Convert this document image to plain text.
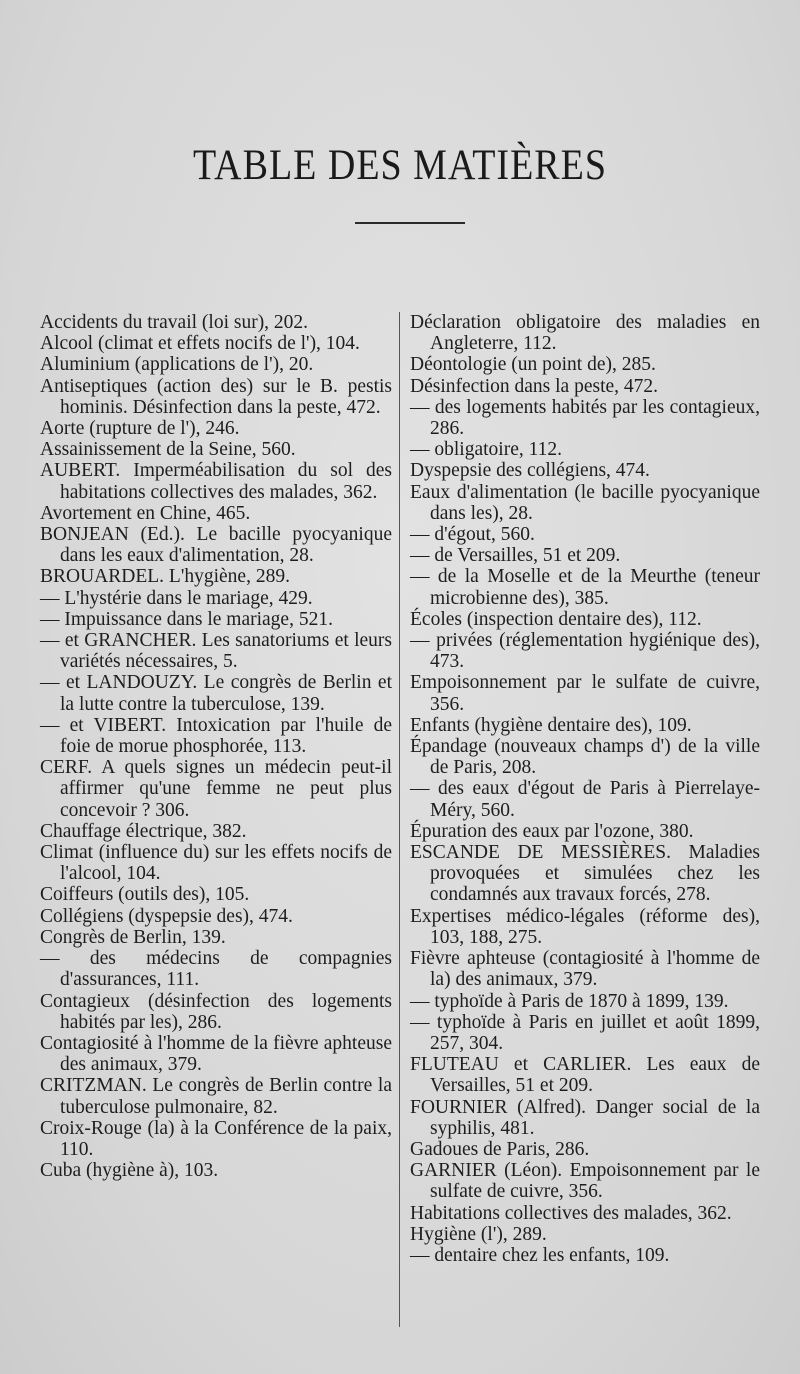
TABLE DES MATIÈRES
Accidents du travail (loi sur), 202.
Alcool (climat et effets nocifs de l'), 104.
Aluminium (applications de l'), 20.
Antiseptiques (action des) sur le B. pestis hominis. Désinfection dans la peste, 472.
Aorte (rupture de l'), 246.
Assainissement de la Seine, 560.
AUBERT. Imperméabilisation du sol des habitations collectives des malades, 362.
Avortement en Chine, 465.
BONJEAN (Ed.). Le bacille pyocyanique dans les eaux d'alimentation, 28.
BROUARDEL. L'hygiène, 289.
— L'hystérie dans le mariage, 429.
— Impuissance dans le mariage, 521.
— et GRANCHER. Les sanatoriums et leurs variétés nécessaires, 5.
— et LANDOUZY. Le congrès de Berlin et la lutte contre la tuberculose, 139.
— et VIBERT. Intoxication par l'huile de foie de morue phosphorée, 113.
CERF. A quels signes un médecin peut-il affirmer qu'une femme ne peut plus concevoir ? 306.
Chauffage électrique, 382.
Climat (influence du) sur les effets nocifs de l'alcool, 104.
Coiffeurs (outils des), 105.
Collégiens (dyspepsie des), 474.
Congrès de Berlin, 139.
— des médecins de compagnies d'assurances, 111.
Contagieux (désinfection des logements habités par les), 286.
Contagiosité à l'homme de la fièvre aphteuse des animaux, 379.
CRITZMAN. Le congrès de Berlin contre la tuberculose pulmonaire, 82.
Croix-Rouge (la) à la Conférence de la paix, 110.
Cuba (hygiène à), 103.
Déclaration obligatoire des maladies en Angleterre, 112.
Déontologie (un point de), 285.
Désinfection dans la peste, 472.
— des logements habités par les contagieux, 286.
— obligatoire, 112.
Dyspepsie des collégiens, 474.
Eaux d'alimentation (le bacille pyocyanique dans les), 28.
— d'égout, 560.
— de Versailles, 51 et 209.
— de la Moselle et de la Meurthe (teneur microbienne des), 385.
Écoles (inspection dentaire des), 112.
— privées (réglementation hygiénique des), 473.
Empoisonnement par le sulfate de cuivre, 356.
Enfants (hygiène dentaire des), 109.
Épandage (nouveaux champs d') de la ville de Paris, 208.
— des eaux d'égout de Paris à Pierrelaye-Méry, 560.
Épuration des eaux par l'ozone, 380.
ESCANDE DE MESSIÈRES. Maladies provoquées et simulées chez les condamnés aux travaux forcés, 278.
Expertises médico-légales (réforme des), 103, 188, 275.
Fièvre aphteuse (contagiosité à l'homme de la) des animaux, 379.
— typhoïde à Paris de 1870 à 1899, 139.
— typhoïde à Paris en juillet et août 1899, 257, 304.
FLUTEAU et CARLIER. Les eaux de Versailles, 51 et 209.
FOURNIER (Alfred). Danger social de la syphilis, 481.
Gadoues de Paris, 286.
GARNIER (Léon). Empoisonnement par le sulfate de cuivre, 356.
Habitations collectives des malades, 362.
Hygiène (l'), 289.
— dentaire chez les enfants, 109.
